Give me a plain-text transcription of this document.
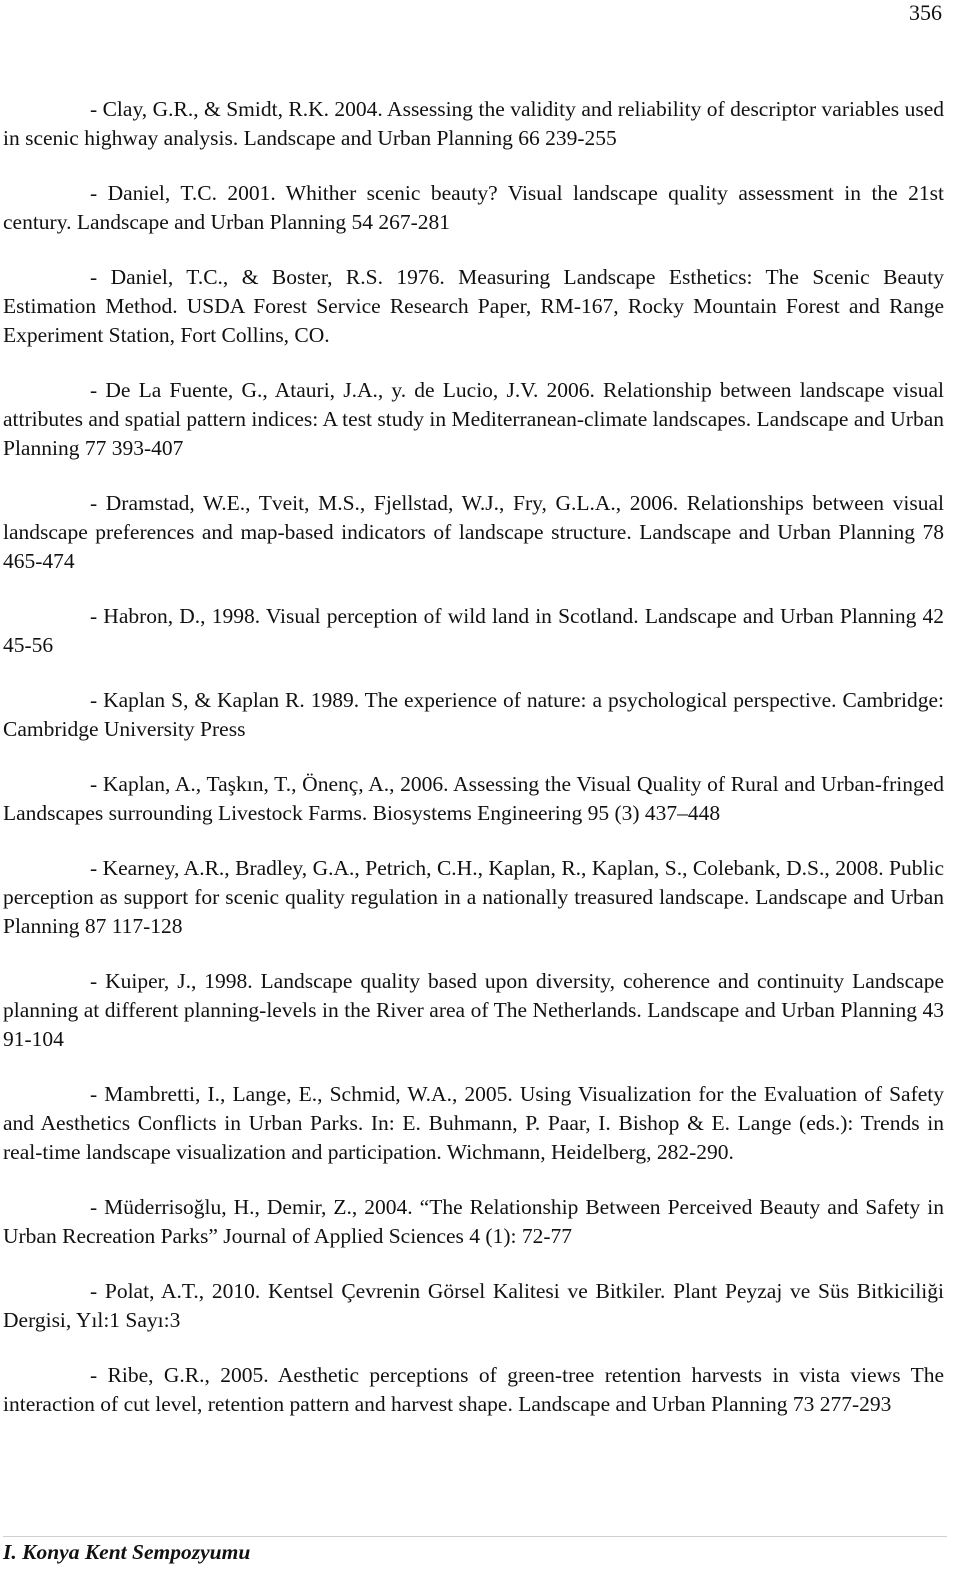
356

- Clay, G.R., & Smidt, R.K. 2004. Assessing the validity and reliability of descriptor variables used in scenic highway analysis. Landscape and Urban Planning 66 239-255

- Daniel, T.C. 2001. Whither scenic beauty? Visual landscape quality assessment in the 21st century. Landscape and Urban Planning 54 267-281

- Daniel, T.C., & Boster, R.S. 1976. Measuring Landscape Esthetics: The Scenic Beauty Estimation Method. USDA Forest Service Research Paper, RM-167, Rocky Mountain Forest and Range Experiment Station, Fort Collins, CO.

- De La Fuente, G., Atauri, J.A., y. de Lucio, J.V. 2006. Relationship between landscape visual attributes and spatial pattern indices: A test study in Mediterranean-climate landscapes. Landscape and Urban Planning 77 393-407

- Dramstad, W.E., Tveit, M.S., Fjellstad, W.J., Fry, G.L.A., 2006. Relationships between visual landscape preferences and map-based indicators of landscape structure. Landscape and Urban Planning 78 465-474

- Habron, D., 1998. Visual perception of wild land in Scotland. Landscape and Urban Planning 42 45-56

- Kaplan S, & Kaplan R. 1989. The experience of nature: a psychological perspective. Cambridge: Cambridge University Press

- Kaplan, A., Taşkın, T., Önenç, A., 2006. Assessing the Visual Quality of Rural and Urban-fringed Landscapes surrounding Livestock Farms. Biosystems Engineering 95 (3) 437–448

- Kearney, A.R., Bradley, G.A., Petrich, C.H., Kaplan, R., Kaplan, S., Colebank, D.S., 2008. Public perception as support for scenic quality regulation in a nationally treasured landscape. Landscape and Urban Planning 87 117-128

- Kuiper, J., 1998. Landscape quality based upon diversity, coherence and continuity Landscape planning at different planning-levels in the River area of The Netherlands. Landscape and Urban Planning 43 91-104

- Mambretti, I., Lange, E., Schmid, W.A., 2005. Using Visualization for the Evaluation of Safety and Aesthetics Conflicts in Urban Parks. In: E. Buhmann, P. Paar, I. Bishop & E. Lange (eds.): Trends in real-time landscape visualization and participation. Wichmann, Heidelberg, 282-290.

- Müderrisoğlu, H., Demir, Z., 2004. “The Relationship Between Perceived Beauty and Safety in Urban Recreation Parks” Journal of Applied Sciences 4 (1): 72-77

- Polat, A.T., 2010. Kentsel Çevrenin Görsel Kalitesi ve Bitkiler. Plant Peyzaj ve Süs Bitkiciliği Dergisi, Yıl:1 Sayı:3

- Ribe, G.R., 2005. Aesthetic perceptions of green-tree retention harvests in vista views The interaction of cut level, retention pattern and harvest shape. Landscape and Urban Planning 73 277-293

I. Konya Kent Sempozyumu
